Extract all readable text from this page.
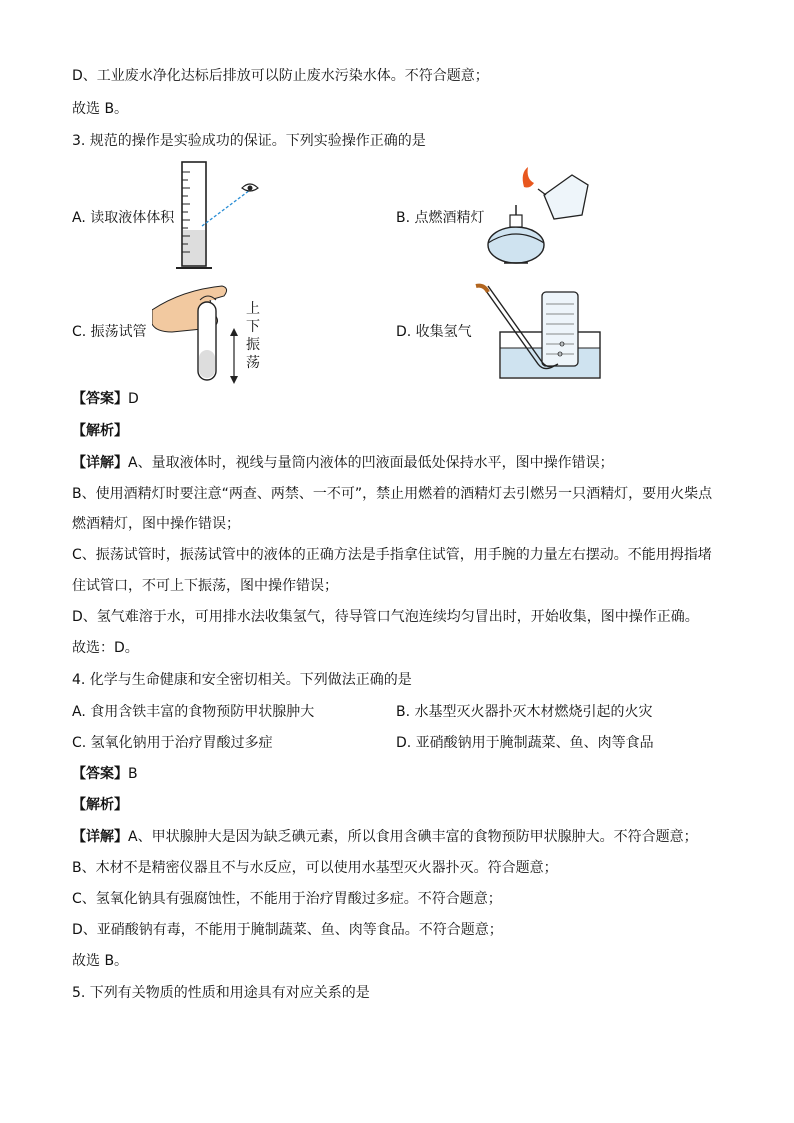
D、工业废水净化达标后排放可以防止废水污染水体。不符合题意；
故选 B。
3. 规范的操作是实验成功的保证。下列实验操作正确的是
A. 读取液体体积	B. 点燃酒精灯
C. 振荡试管
上
下
振
荡
D. 收集氢气
【答案】D
【解析】
【详解】A、量取液体时，视线与量筒内液体的凹液面最低处保持水平，图中操作错误；
B、使用酒精灯时要注意“两查、两禁、一不可”，禁止用燃着的酒精灯去引燃另一只酒精灯，要用火柴点
燃酒精灯，图中操作错误；
C、振荡试管时，振荡试管中的液体的正确方法是手指拿住试管，用手腕的力量左右摆动。不能用拇指堵
住试管口，不可上下振荡，图中操作错误；
D、氢气难溶于水，可用排水法收集氢气，待导管口气泡连续均匀冒出时，开始收集，图中操作正确。
故选：D。
4. 化学与生命健康和安全密切相关。下列做法正确的是
A. 食用含铁丰富的食物预防甲状腺肿大	B. 水基型灭火器扑灭木材燃烧引起的火灾
C. 氢氧化钠用于治疗胃酸过多症	D. 亚硝酸钠用于腌制蔬菜、鱼、肉等食品
【答案】B
【解析】
【详解】A、甲状腺肿大是因为缺乏碘元素，所以食用含碘丰富的食物预防甲状腺肿大。不符合题意；
B、木材不是精密仪器且不与水反应，可以使用水基型灭火器扑灭。符合题意；
C、氢氧化钠具有强腐蚀性，不能用于治疗胃酸过多症。不符合题意；
D、亚硝酸钠有毒，不能用于腌制蔬菜、鱼、肉等食品。不符合题意；
故选 B。
5. 下列有关物质的性质和用途具有对应关系的是
